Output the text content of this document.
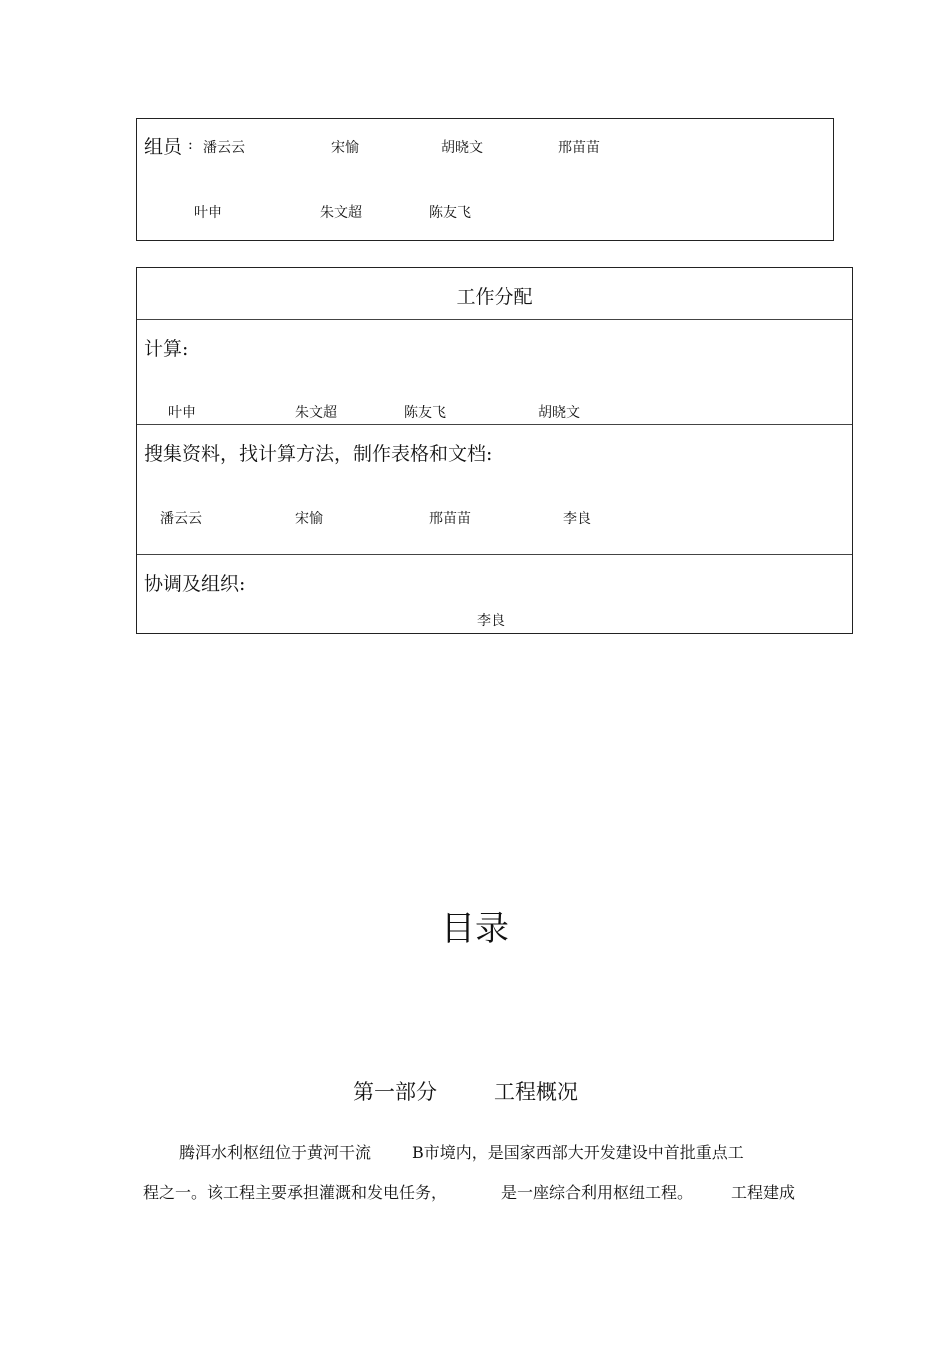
组员 : 潘云云	宋愉	胡晓文	邢苗苗
叶申	朱文超	陈友飞
工作分配
计算:
叶申	朱文超	陈友飞	胡晓文
搜集资料，找计算方法，制作表格和文档:
潘云云	宋愉	邢苗苗	李良
协调及组织:
李良
目录
第一部分	工程概况
腾洱水利枢纽位于黄河干流	B市境内，是国家西部大开发建设中首批重点工
程之一。该工程主要承担灌溉和发电任务，	是一座综合利用枢纽工程。 工程建成
